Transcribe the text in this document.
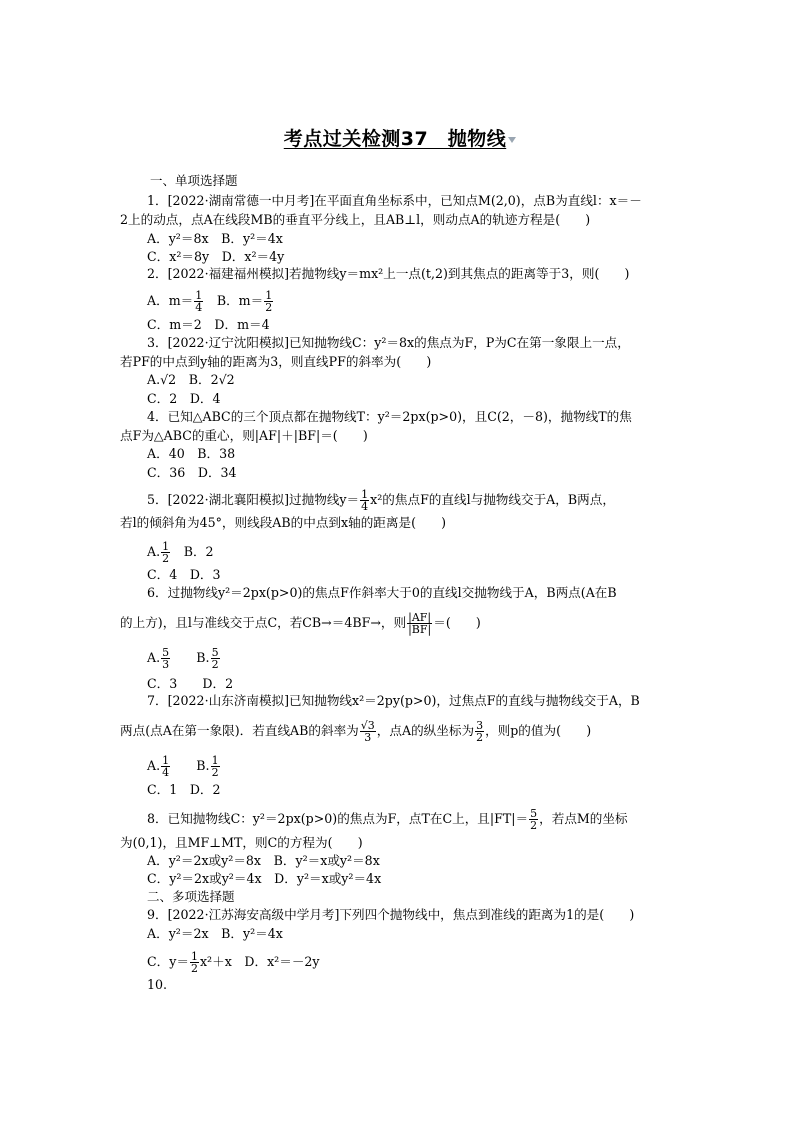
考点过关检测37　抛物线
一、单项选择题
1．[2022·湖南常德一中月考]在平面直角坐标系中，已知点M(2,0)，点B为直线l：x＝－
2上的动点，点A在线段MB的垂直平分线上，且AB⊥l，则动点A的轨迹方程是(　　)
A．y²＝8x　B．y²＝4x
C．x²＝8y　D．x²＝4y
2．[2022·福建福州模拟]若抛物线y＝mx²上一点(t,2)到其焦点的距离等于3，则(　　)
A．$m= \frac{1}{4}$ 　B．$m= \frac{1}{2}$
C．m＝2　D．m＝4
3．[2022·辽宁沈阳模拟]已知抛物线C：y²＝8x的焦点为F，P为C在第一象限上一点，
若PF的中点到y轴的距离为3，则直线PF的斜率为(　　)
A.√2　B．2√2
C．2　D．4
4．已知△ABC的三个顶点都在抛物线T：y²＝2px(p>0)，且C(2，－8)，抛物线T的焦
点F为△ABC的重心，则|AF|＋|BF|＝(　　)
A．40　B．38
C．36　D．34
5．[2022·湖北襄阳模拟]过抛物线$y= \frac{1}{4} x^2$的焦点F的直线l与抛物线交于A，B两点，
若l的倾斜角为45°，则线段AB的中点到x轴的距离是(　　)
A. $\frac{1}{2}$ 　B．2
C．4　D．3
6．过抛物线y²＝2px(p>0)的焦点F作斜率大于0的直线l交抛物线于A，B两点(A在B
的上方)，且l与准线交于点C，若CB→＝4BF→，则 $\frac{|AF|}{|BF|}$ ＝(　　)
A. $\frac{5}{3}$ 　　B. $\frac{5}{2}$
C．3　　D．2
7．[2022·山东济南模拟]已知抛物线x²＝2py(p>0)，过焦点F的直线与抛物线交于A，B
两点(点A在第一象限)．若直线AB的斜率为 $\frac{√3}{3}$ ，点A的纵坐标为 $\frac{3}{2}$ ，则p的值为(　　)
A. $\frac{1}{4}$ 　　B. $\frac{1}{2}$
C．1　D．2
8．已知抛物线C：y²＝2px(p>0)的焦点为F，点T在C上，且$|FT|= \frac{5}{2}$ ，若点M的坐标
为(0,1)，且MF⊥MT，则C的方程为(　　)
A．y²＝2x或y²＝8x　B．y²＝x或y²＝8x
C．y²＝2x或y²＝4x　D．y²＝x或y²＝4x
二、多项选择题
9．[2022·江苏海安高级中学月考]下列四个抛物线中，焦点到准线的距离为1的是(　　)
A．y²＝2x　B．y²＝4x
C．$y= \frac{1}{2} x^2+x$　D．x²＝－2y
10.
